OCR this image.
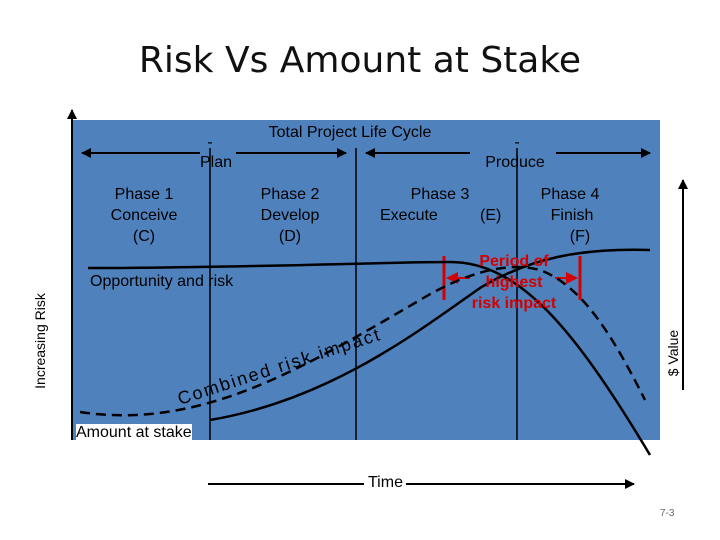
Combined risk impact
Risk Vs Amount at Stake
Total Project Life Cycle
-
Plan
-
Produce
Phase 1
Conceive
(C)
Phase 2
Develop
(D)
Phase 3
Execute	(E)
Phase 4
Finish
(F)
Period of
highest
risk impact
Opportunity and risk
Amount at stake
Time
Increasing Risk	$ Value
7-3
